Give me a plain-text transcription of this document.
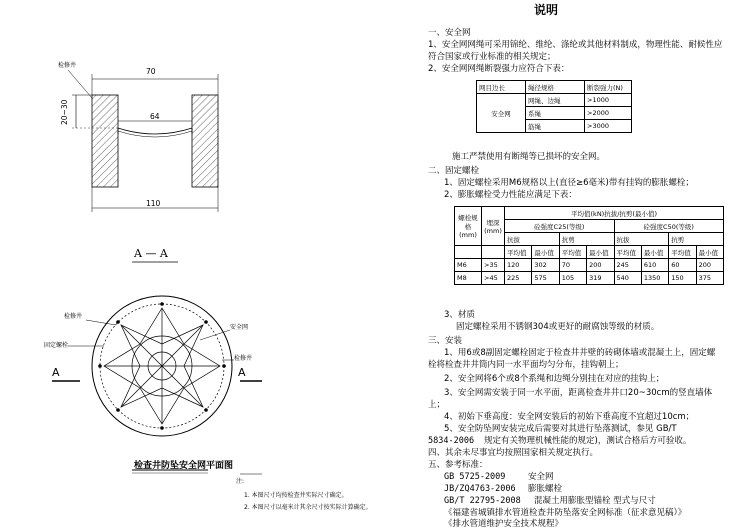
70
64
20~30
110
检修井
A — A
A	A
检修井
固定螺栓
安全网
检修井
检查井防坠安全网平面图
注:
1. 本图尺寸均按检查井实际尺寸确定。
2. 本图尺寸以毫米计其余尺寸按实际计算确定。
说明
一、安全网
1、安全网网绳可采用锦纶、维纶、涤纶或其他材料制成，物理性能、耐候性应
符合国家或行业标准的相关规定；
2、安全网网绳断裂强力应符合下表：
网目边长	绳径规格	断裂强力(N)
安全网	网绳、边绳	>1000
	系绳	>2000
	筋绳	>3000
施工严禁使用有断绳等已损坏的安全网。
二、固定螺栓
1、固定螺栓采用M6规格以上(直径≥6毫米)带有挂钩的膨胀螺栓；
2、膨胀螺栓受力性能应满足下表：
螺栓规格(mm)	埋深(mm)	平均值(kN)抗拔/抗剪(最小值)							
		砼强度C25(等级)				砼强度C50(等级)			
		抗拔		抗剪		抗拔		抗剪	
		平均值	最小值	平均值	最小值	平均值	最小值	平均值	最小值
M6	>35	120	302	70	200	245	610	60	200
M8	>45	225	575	105	319	540	1350	150	375
3、材质
固定螺栓采用不锈钢304或更好的耐腐蚀等级的材质。
三、安装
1、用6或8副固定螺栓固定于检查井井壁的砖砌体墙或混凝土上，固定螺
栓将检查井井筒内同一水平面均匀分布，挂钩朝上；
2、安全网将6个或8个系绳和边绳分别挂在对应的挂钩上；
3、安全网需安装于同一水平面，距离检查井井口20~30cm的竖直墙体
上；
4、初始下垂高度：安全网安装后的初始下垂高度不宜超过10cm；
5、安全防坠网安装完成后需要对其进行坠落测试，参见 GB/T
5834-2006 规定有关物理机械性能的规定)，测试合格后方可验收。
四、其余未尽事宜均按照国家相关规定执行。
五、参考标准：
GB 5725-2009	安全网
JB/ZQ4763-2006 膨胀螺栓
GB/T 22795-2008 混凝土用膨胀型锚栓 型式与尺寸
《福建省城镇排水管道检查井防坠落安全网标准（征求意见稿）》
《排水管道维护安全技术规程》
